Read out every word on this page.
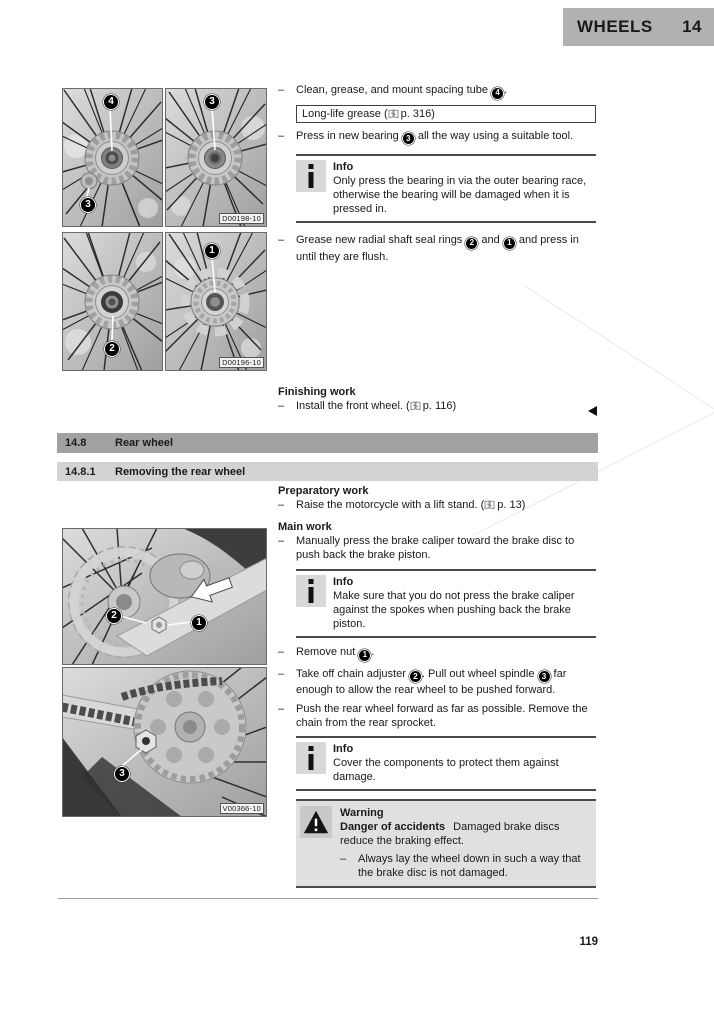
WHEELS 14
4
3
3
D00198-10
2
1
D00196-10
2
1
3
V00366-10
– Clean, grease, and mount spacing tube 4 .
Long-life grease ( p. 316)
– Press in new bearing 3 all the way using a suitable tool.
Info
Only press the bearing in via the outer bearing race, otherwise the bearing will be damaged when it is pressed in.
– Grease new radial shaft seal rings 2 and 1 and press in until they are flush.
Finishing work
– Install the front wheel. ( p. 116)
14.8	Rear wheel
14.8.1	Removing the rear wheel
Preparatory work
– Raise the motorcycle with a lift stand. ( p. 13)
Main work
– Manually press the brake caliper toward the brake disc to push back the brake piston.
Info
Make sure that you do not press the brake caliper against the spokes when pushing back the brake piston.
– Remove nut 1 .
– Take off chain adjuster 2 . Pull out wheel spindle 3 far enough to allow the rear wheel to be pushed forward.
– Push the rear wheel forward as far as possible. Remove the chain from the rear sprocket.
Info
Cover the components to protect them against damage.
Warning
Danger of accidents Damaged brake discs reduce the braking effect.
– Always lay the wheel down in such a way that the brake disc is not damaged.
119
